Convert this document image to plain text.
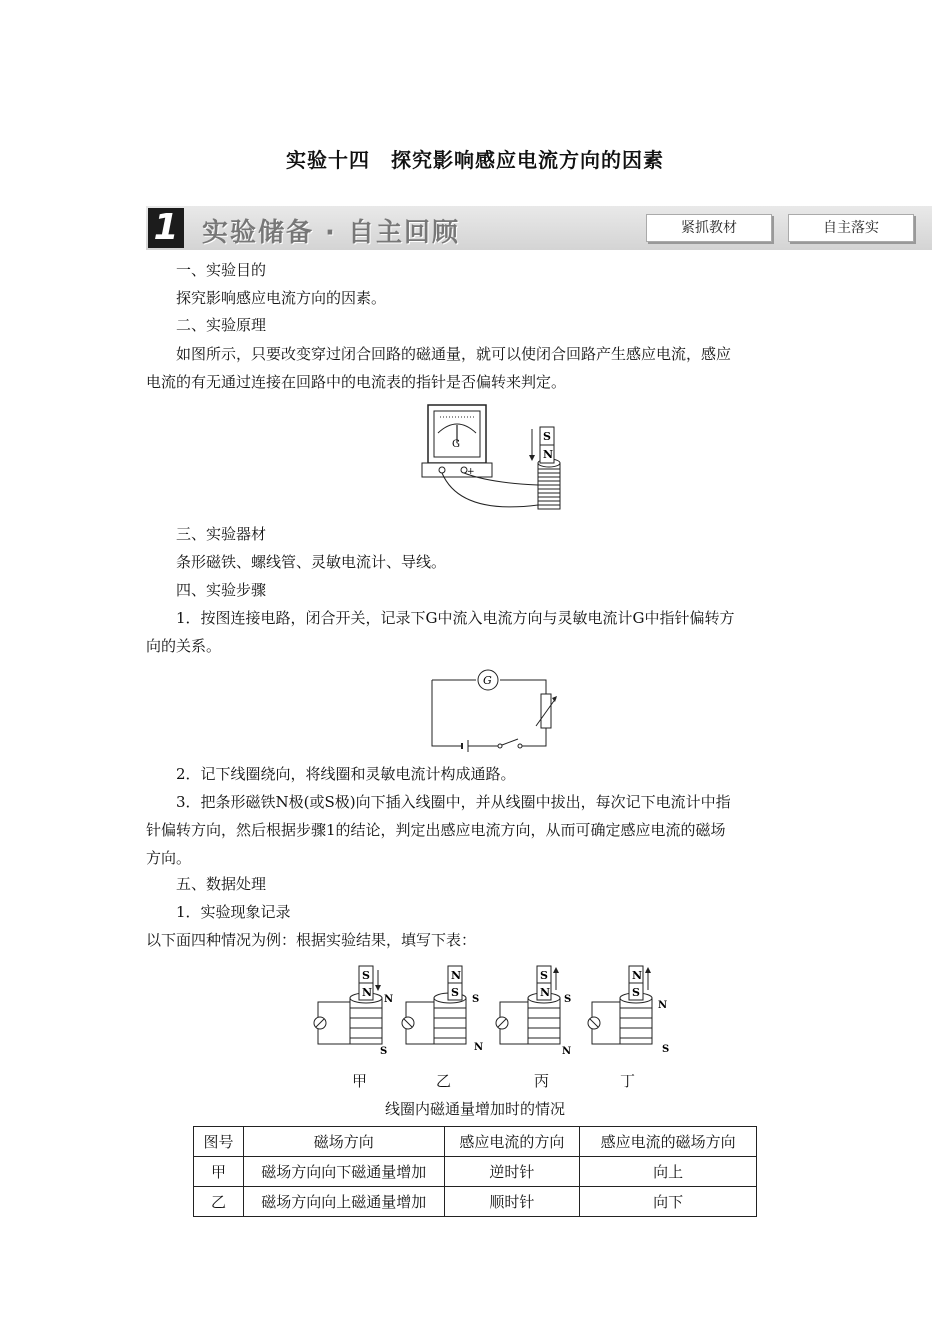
实验十四　探究影响感应电流方向的因素
1 实验储备 · 自主回顾	紧抓教材	自主落实
一、实验目的
探究影响感应电流方向的因素。
二、实验原理
如图所示，只要改变穿过闭合回路的磁通量，就可以使闭合回路产生感应电流，感应
电流的有无通过连接在回路中的电流表的指针是否偏转来判定。
G
+
S
N
三、实验器材
条形磁铁、螺线管、灵敏电流计、导线。
四、实验步骤
1．按图连接电路，闭合开关，记录下G中流入电流方向与灵敏电流计G中指针偏转方
向的关系。
G
2．记下线圈绕向，将线圈和灵敏电流计构成通路。
3．把条形磁铁N极(或S极)向下插入线圈中，并从线圈中拔出，每次记下电流计中指
针偏转方向，然后根据步骤1的结论，判定出感应电流方向，从而可确定感应电流的磁场
方向。
五、数据处理
1．实验现象记录
以下面四种情况为例：根据实验结果，填写下表：
S
N
N
S
N
S
S
N
S
N
S
N
N
S
N
S
甲	乙	丙	丁
线圈内磁通量增加时的情况
图号	磁场方向	感应电流的方向	感应电流的磁场方向
甲	磁场方向向下磁通量增加	逆时针	向上
乙	磁场方向向上磁通量增加	顺时针	向下
